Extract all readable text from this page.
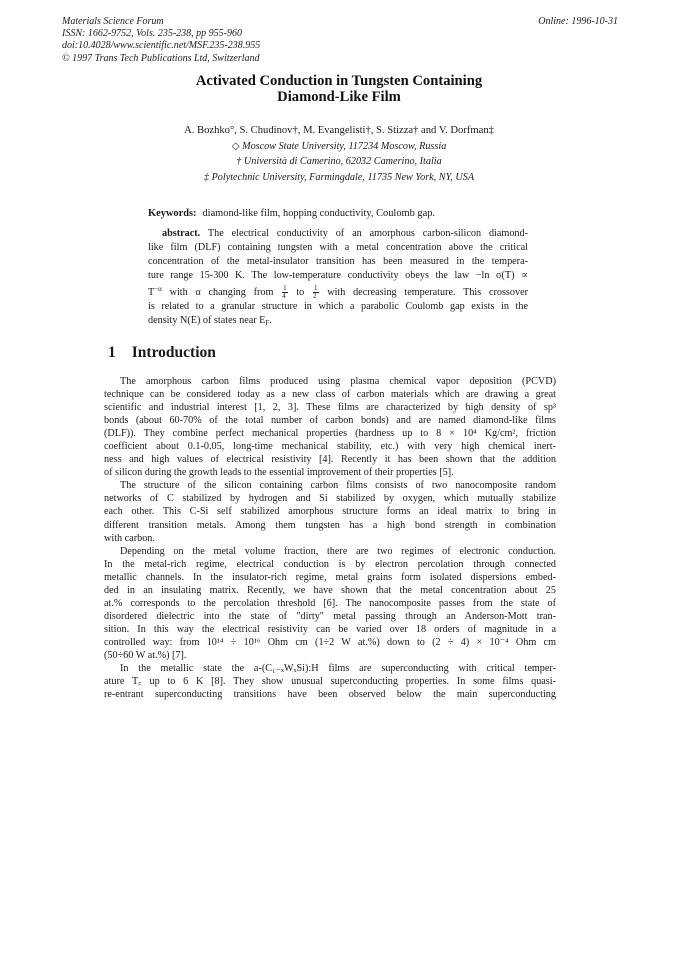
Materials Science Forum
ISSN: 1662-9752, Vols. 235-238, pp 955-960
doi:10.4028/www.scientific.net/MSF.235-238.955
© 1997 Trans Tech Publications Ltd, Switzerland
Online: 1996-10-31
Activated Conduction in Tungsten Containing
Diamond-Like Film
A. Bozhko°, S. Chudinov†, M. Evangelisti†, S. Stizza† and V. Dorfman‡
◇ Moscow State University, 117234 Moscow, Russia
† Università di Camerino, 62032 Camerino, Italia
‡ Polytechnic University, Farmingdale, 11735 New York, NY, USA
Keywords: diamond-like film, hopping conductivity, Coulomb gap.
abstract. The electrical conductivity of an amorphous carbon-silicon diamond-
like film (DLF) containing tungsten with a metal concentration above the critical
concentration of the metal-insulator transition has been measured in the tempera-
ture range 15-300 K. The low-temperature conductivity obeys the law −ln σ(T) ∝
$T^{-\alpha}$ with α changing from $\frac{1}{4}$ to $\frac{1}{2}$ with decreasing temperature. This crossover
is related to a granular structure in which a parabolic Coulomb gap exists in the
density N(E) of states near $E_F$.
1 Introduction
The amorphous carbon films produced using plasma chemical vapor deposition (PCVD)
technique can be considered today as a new class of carbon materials which are drawing a great
scientific and industrial interest [1, 2, 3]. These films are characterized by high density of sp³
bonds (about 60-70% of the total number of carbon bonds) and are named diamond-like films
(DLF)). They combine perfect mechanical properties (hardness up to 8 × 10⁴ Kg/cm², friction
coefficient about 0.1-0.05, long-time mechanical stability, etc.) with very high chemical inert-
ness and high values of electrical resistivity [4]. Recently it has been shown that the addition
of silicon during the growth leads to the essential improvement of their properties [5].
The structure of the silicon containing carbon films consists of two nanocomposite random
networks of C stabilized by hydrogen and Si stabilized by oxygen, which mutually stabilize
each other. This C-Si self stabilized amorphous structure forms an ideal matrix to bring in
different transition metals. Among them tungsten has a high bond strength in combination
with carbon.
Depending on the metal volume fraction, there are two regimes of electronic conduction.
In the metal-rich regime, electrical conduction is by electron percolation through connected
metallic channels. In the insulator-rich regime, metal grains form isolated dispersions embed-
ded in an insulating matrix. Recently, we have shown that the metal concentration about 25
at.% corresponds to the percolation threshold [6]. The nanocomposite passes from the state of
disordered dielectric into the state of "dirty" metal passing through an Anderson-Mott tran-
sition. In this way the electrical resistivity can be varied over 18 orders of magnitude in a
controlled way: from 10¹⁴ ÷ 10¹⁶ Ohm cm (1÷2 W at.%) down to (2 ÷ 4) × 10⁻⁴ Ohm cm
(50÷60 W at.%) [7].
In the metallic state the a-(C₁₋ₓWₓSi):H films are superconducting with critical temper-
ature T꜀ up to 6 K [8]. They show unusual superconducting properties. In some films quasi-
re-entrant superconducting transitions have been observed below the main superconducting
